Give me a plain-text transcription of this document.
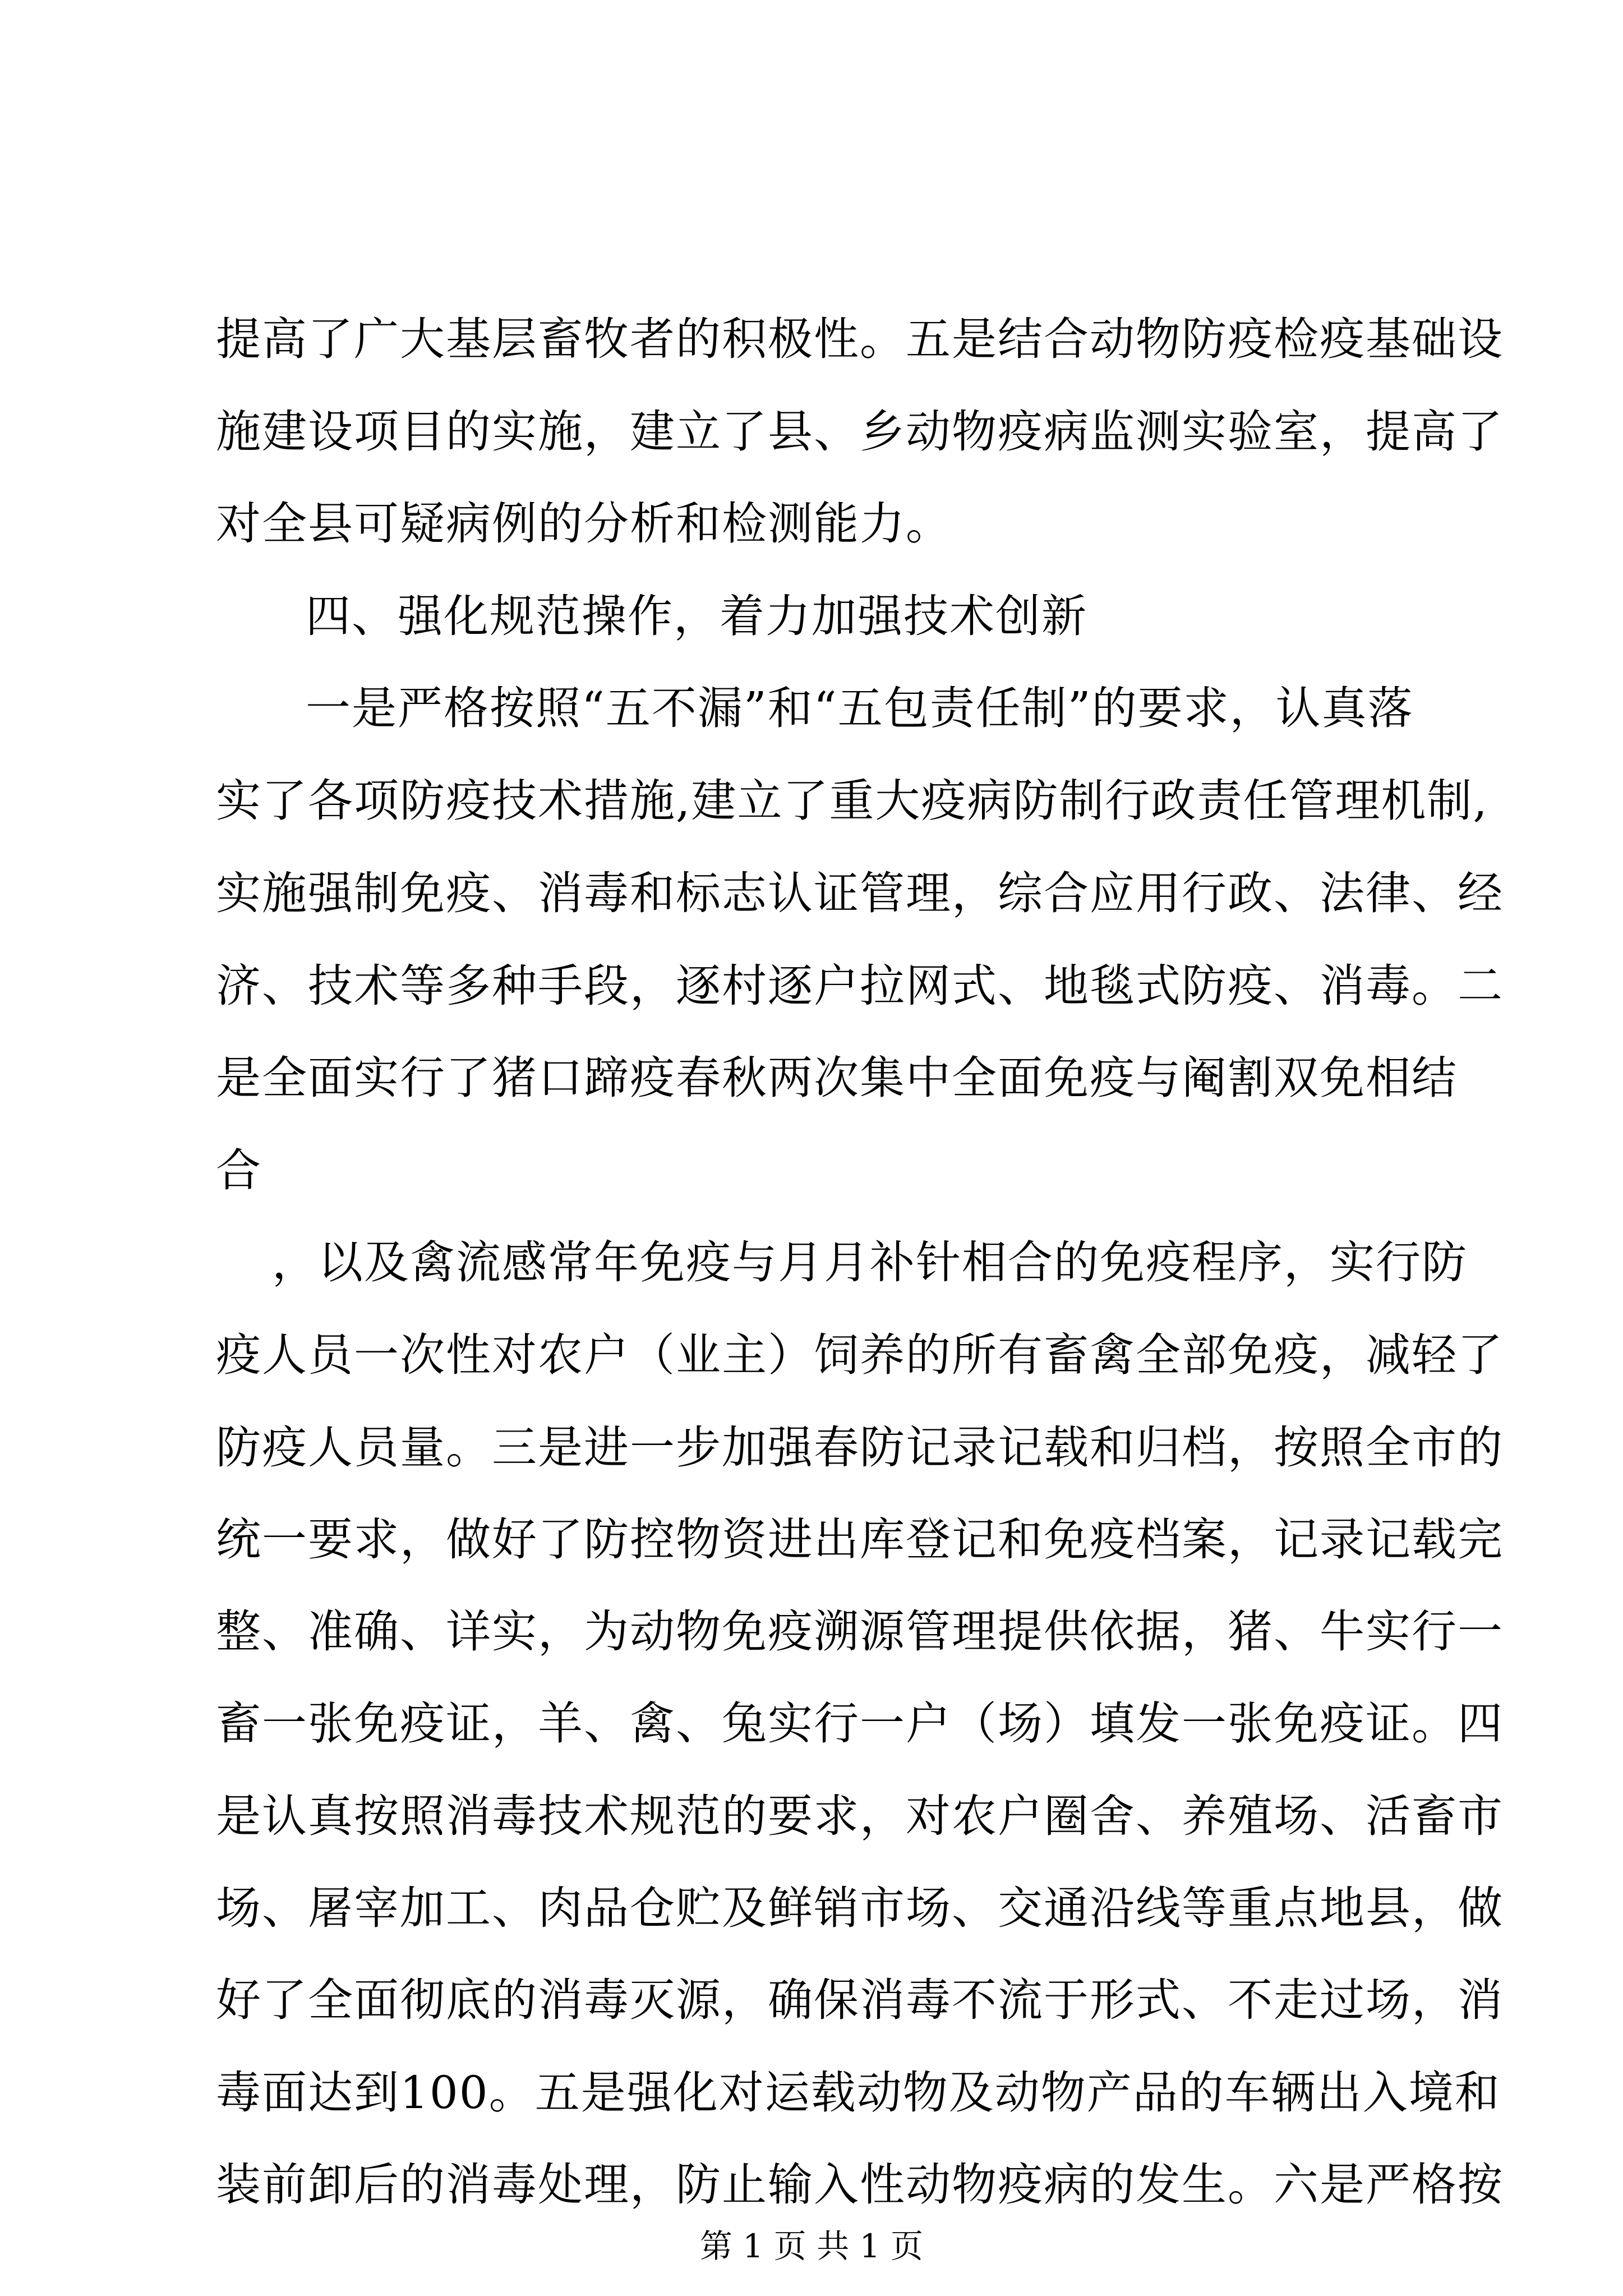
提高了广大基层畜牧者的积极性。五是结合动物防疫检疫基础设
施建设项目的实施，建立了县、乡动物疫病监测实验室，提高了
对全县可疑病例的分析和检测能力。
四、强化规范操作，着力加强技术创新
一是严格按照“五不漏”和“五包责任制”的要求，认真落
实了各项防疫技术措施,建立了重大疫病防制行政责任管理机制,
实施强制免疫、消毒和标志认证管理，综合应用行政、法律、经
济、技术等多种手段，逐村逐户拉网式、地毯式防疫、消毒。二
是全面实行了猪口蹄疫春秋两次集中全面免疫与阉割双免相结
合
，以及禽流感常年免疫与月月补针相合的免疫程序，实行防
疫人员一次性对农户（业主）饲养的所有畜禽全部免疫，减轻了
防疫人员量。三是进一步加强春防记录记载和归档，按照全市的
统一要求，做好了防控物资进出库登记和免疫档案，记录记载完
整、准确、详实，为动物免疫溯源管理提供依据，猪、牛实行一
畜一张免疫证，羊、禽、兔实行一户（场）填发一张免疫证。四
是认真按照消毒技术规范的要求，对农户圈舍、养殖场、活畜市
场、屠宰加工、肉品仓贮及鲜销市场、交通沿线等重点地县，做
好了全面彻底的消毒灭源，确保消毒不流于形式、不走过场，消
毒面达到100。五是强化对运载动物及动物产品的车辆出入境和
装前卸后的消毒处理，防止输入性动物疫病的发生。六是严格按
第 1 页 共 1 页
